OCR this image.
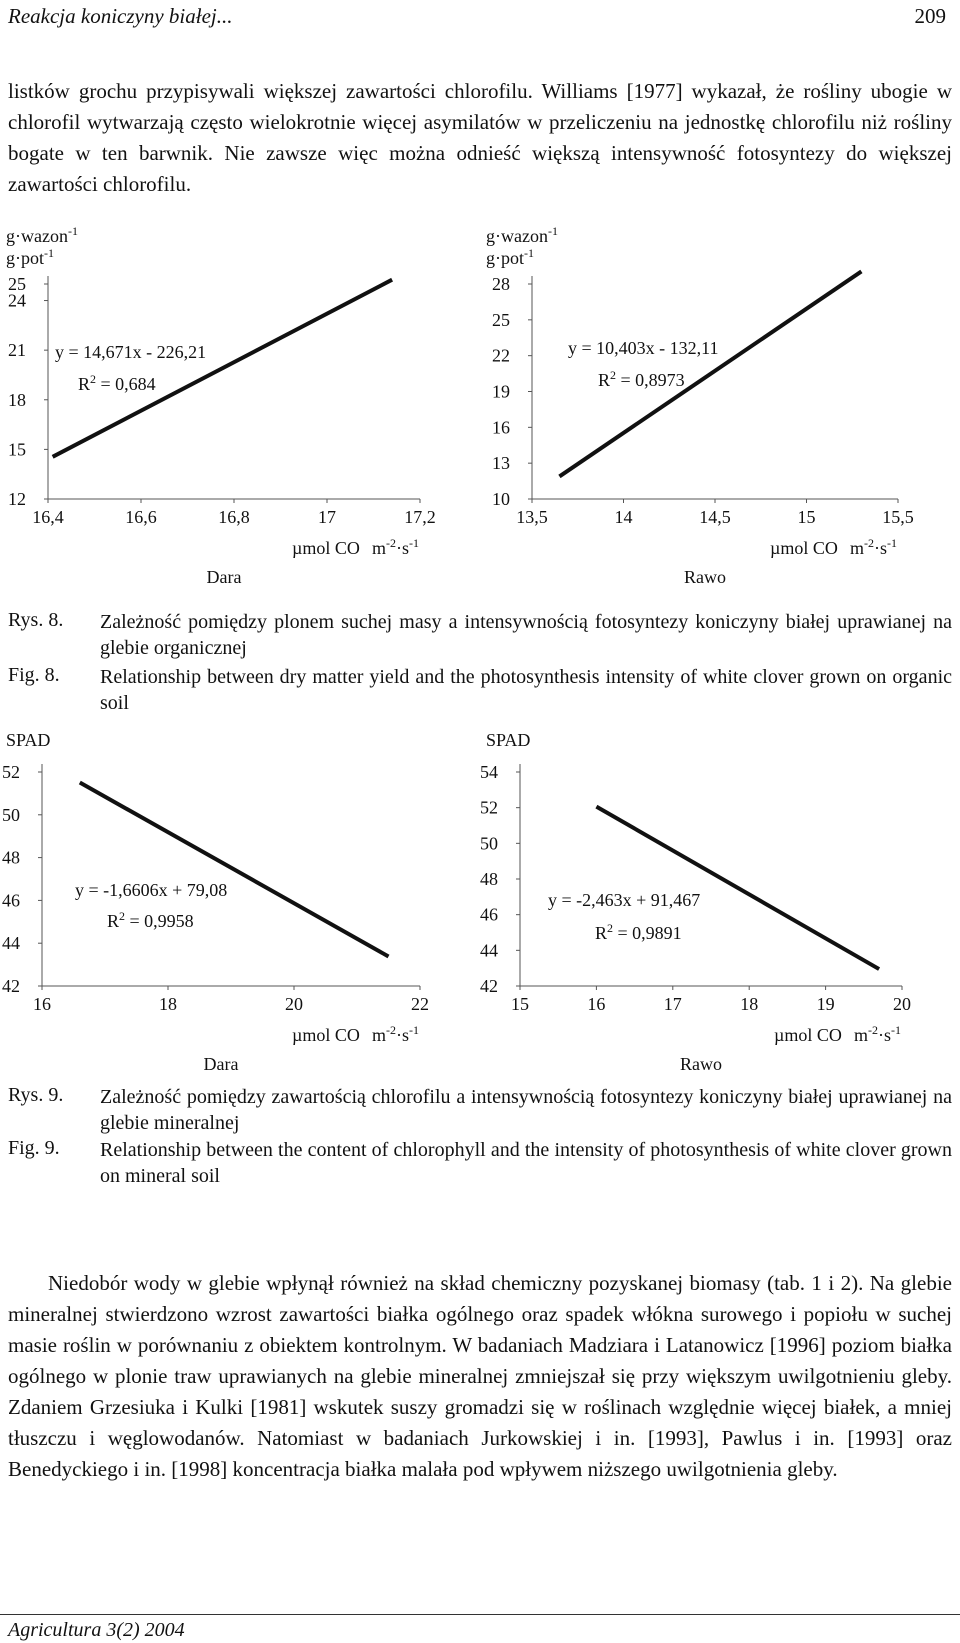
Reakcja koniczyny białej...	209
listków grochu przypisywali większej zawartości chlorofilu. Williams [1977] wykazał, że rośliny ubogie w chlorofil wytwarzają często wielokrotnie więcej asymilatów w przeliczeniu na jednostkę chlorofilu niż rośliny bogate w ten barwnik. Nie zawsze więc można odnieść większą intensywność fotosyntezy do większej zawartości chlorofilu.
g·wazon$^{-1}$
g·pot$^{-1}$
12
15
18
21
24
25
16,4	16,6	16,8	17	17,2
µmol CO $m^{-2}\cdot s^{-1}$
Dara
y = 14,671x - 226,21
$R^2 = 0,684$
g·wazon$^{-1}$
g·pot$^{-1}$
10
13
16
19
22
25
28
13,5	14	14,5	15	15,5
µmol CO $m^{-2}\cdot s^{-1}$
Rawo
y = 10,403x - 132,11
$R^2 = 0,8973$
Rys. 8. Zależność pomiędzy plonem suchej masy a intensywnością fotosyntezy koniczyny białej uprawianej na glebie organicznej
Fig. 8. Relationship between dry matter yield and the photosynthesis intensity of white clover grown on organic soil
SPAD
42
44
46
48
50
52
16	18	20	22
µmol CO $m^{-2}\cdot s^{-1}$
Dara
y = -1,6606x + 79,08
$R^2 = 0,9958$
SPAD
42
44
46
48
50
52
54
15	16	17	18	19	20
µmol CO $m^{-2}\cdot s^{-1}$
Rawo
y = -2,463x + 91,467
$R^2 = 0,9891$
Rys. 9. Zależność pomiędzy zawartością chlorofilu a intensywnością fotosyntezy koniczyny białej uprawianej na glebie mineralnej
Fig. 9. Relationship between the content of chlorophyll and the intensity of photosynthesis of white clover grown on mineral soil
Niedobór wody w glebie wpłynął również na skład chemiczny pozyskanej biomasy (tab. 1 i 2). Na glebie mineralnej stwierdzono wzrost zawartości białka ogólnego oraz spadek włókna surowego i popiołu w suchej masie roślin w porównaniu z obiektem kontrolnym. W badaniach Madziara i Latanowicz [1996] poziom białka ogólnego w plonie traw uprawianych na glebie mineralnej zmniejszał się przy większym uwilgotnieniu gleby. Zdaniem Grzesiuka i Kulki [1981] wskutek suszy gromadzi się w roślinach względnie więcej białek, a mniej tłuszczu i węglowodanów. Natomiast w badaniach Jurkowskiej i in. [1993], Pawlus i in. [1993] oraz Benedyckiego i in. [1998] koncentracja białka malała pod wpływem niższego uwilgotnienia gleby.
Agricultura 3(2) 2004
